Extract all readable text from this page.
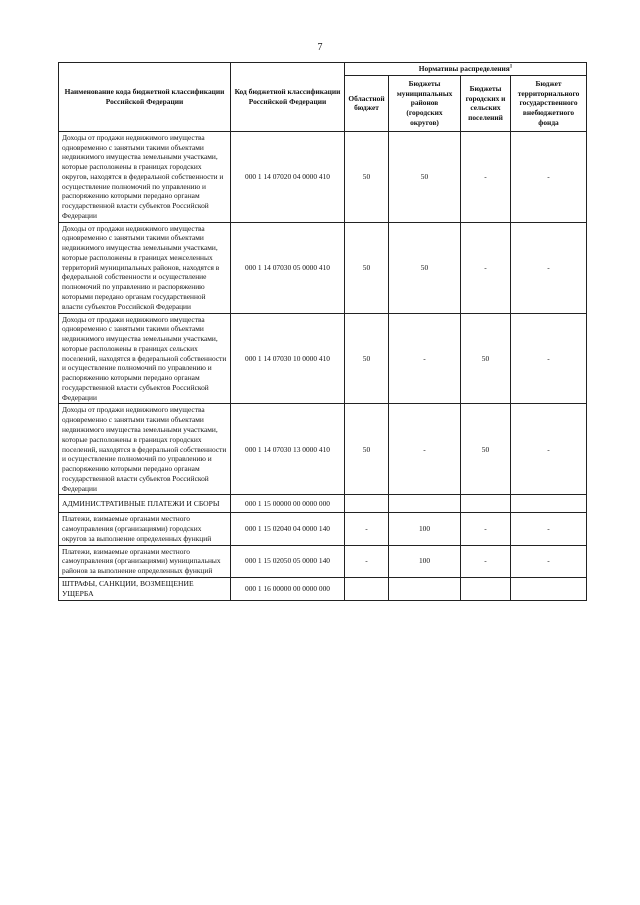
7
Наименование кода бюджетной классификации Российской Федерации	Код бюджетной классификации Российской Федерации	Нормативы распределения$^1$
		Областной бюджет	Бюджеты муниципальных районов (городских округов)	Бюджеты городских и сельских поселений	Бюджет территориального государственного внебюджетного фонда
Доходы от продажи недвижимого имущества одновременно с занятыми такими объектами недвижимого имущества земельными участками, которые расположены в границах городских округов, находятся в федеральной собственности и осуществление полномочий по управлению и распоряжению которыми передано органам государственной власти субъектов Российской Федерации	000 1 14 07020 04 0000 410	50	50	-	-
Доходы от продажи недвижимого имущества одновременно с занятыми такими объектами недвижимого имущества земельными участками, которые расположены в границах межселенных территорий муниципальных районов, находятся в федеральной собственности и осуществление полномочий по управлению и распоряжению которыми передано органам государственной власти субъектов Российской Федерации	000 1 14 07030 05 0000 410	50	50	-	-
Доходы от продажи недвижимого имущества одновременно с занятыми такими объектами недвижимого имущества земельными участками, которые расположены в границах сельских поселений, находятся в федеральной собственности и осуществление полномочий по управлению и распоряжению которыми передано органам государственной власти субъектов Российской Федерации	000 1 14 07030 10 0000 410	50	-	50	-
Доходы от продажи недвижимого имущества одновременно с занятыми такими объектами недвижимого имущества земельными участками, которые расположены в границах городских поселений, находятся в федеральной собственности и осуществление полномочий по управлению и распоряжению которыми передано органам государственной власти субъектов Российской Федерации	000 1 14 07030 13 0000 410	50	-	50	-
АДМИНИСТРАТИВНЫЕ ПЛАТЕЖИ И СБОРЫ	000 1 15 00000 00 0000 000				
Платежи, взимаемые органами местного самоуправления (организациями) городских округов за выполнение определенных функций	000 1 15 02040 04 0000 140	-	100	-	-
Платежи, взимаемые органами местного самоуправления (организациями) муниципальных районов за выполнение определенных функций	000 1 15 02050 05 0000 140	-	100	-	-
ШТРАФЫ, САНКЦИИ, ВОЗМЕЩЕНИЕ УЩЕРБА	000 1 16 00000 00 0000 000				
